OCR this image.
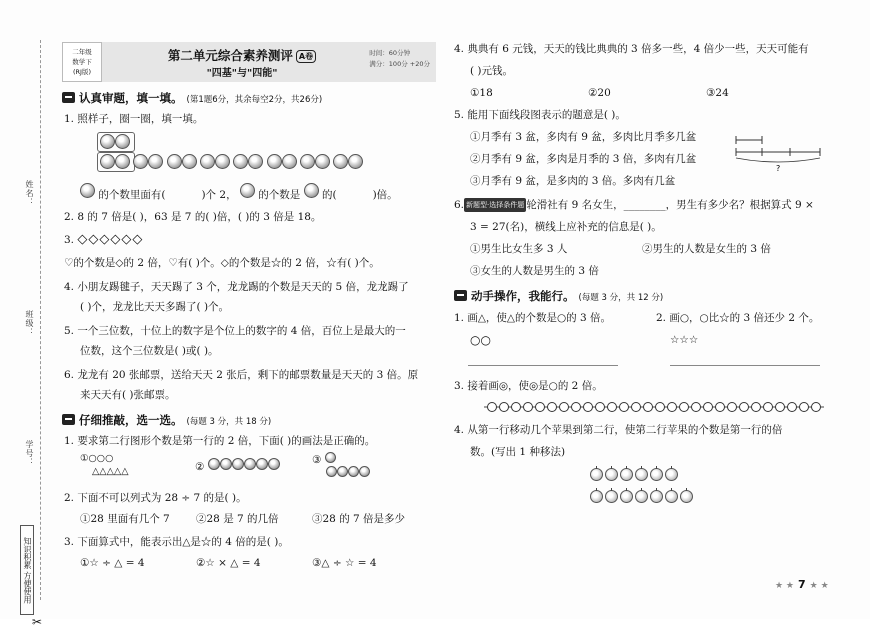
姓名：
班级：
学号：
知识积累 方便使用
✂
二年级
数学下
(RJ版)
第二单元综合素养测评 A卷
"四基"与"四能"
时间：60分钟
满分：100分 +20分
认真审题，填一填。 (第1题6分，其余每空2分，共26分)
1. 照样子，圈一圈，填一填。

的个数里面有(	)个 2， 的个数是 的(	)倍。
2. 8 的 7 倍是( )，63 是 7 的( )倍，( )的 3 倍是 18。
3. ◇◇◇◇◇◇
♡的个数是◇的 2 倍，♡有( )个。◇的个数是☆的 2 倍，☆有( )个。
4. 小朋友踢毽子，天天踢了 3 个，龙龙踢的个数是天天的 5 倍，龙龙踢了
( )个，龙龙比天天多踢了( )个。
5. 一个三位数，十位上的数字是个位上的数字的 4 倍，百位上是最大的一
位数，这个三位数是( )或( )。
6. 龙龙有 20 张邮票，送给天天 2 张后，剩下的邮票数量是天天的 3 倍。原
来天天有( )张邮票。
仔细推敲，选一选。 (每题 3 分，共 18 分)
1. 要求第二行图形个数是第一行的 2 倍，下面( )的画法是正确的。
①○○○
△△△△△	②
③
2. 下面不可以列式为 28 ÷ 7 的是( )。
①28 里面有几个 7	②28 是 7 的几倍	③28 的 7 倍是多少
3. 下面算式中，能表示出△是☆的 4 倍的是( )。
①☆ ÷ △ = 4	②☆ × △ = 4	③△ ÷ ☆ = 4
4. 典典有 6 元钱，天天的钱比典典的 3 倍多一些，4 倍少一些，天天可能有
( )元钱。
①18	②20	③24
5. 能用下面线段图表示的题意是( )。
①月季有 3 盆，多肉有 9 盆，多肉比月季多几盆
②月季有 9 盆，多肉是月季的 3 倍，多肉有几盆
③月季有 9 盆，是多肉的 3 倍。多肉有几盆
?
6. 新题型·选择条件题 轮滑社有 9 名女生，________，男生有多少名？根据算式 9 ×
3 = 27(名)，横线上应补充的信息是( )。
①男生比女生多 3 人	②男生的人数是女生的 3 倍
③女生的人数是男生的 3 倍
动手操作，我能行。 (每题 3 分，共 12 分)
1. 画△，使△的个数是○的 3 倍。
○○
2. 画○，○比☆的 3 倍还少 2 个。
☆☆☆
3. 接着画◎，使◎是○的 2 倍。
4. 从第一行移动几个苹果到第二行，使第二行苹果的个数是第一行的倍
数。(写出 1 种移法)
★ ★ 7 ★ ★
